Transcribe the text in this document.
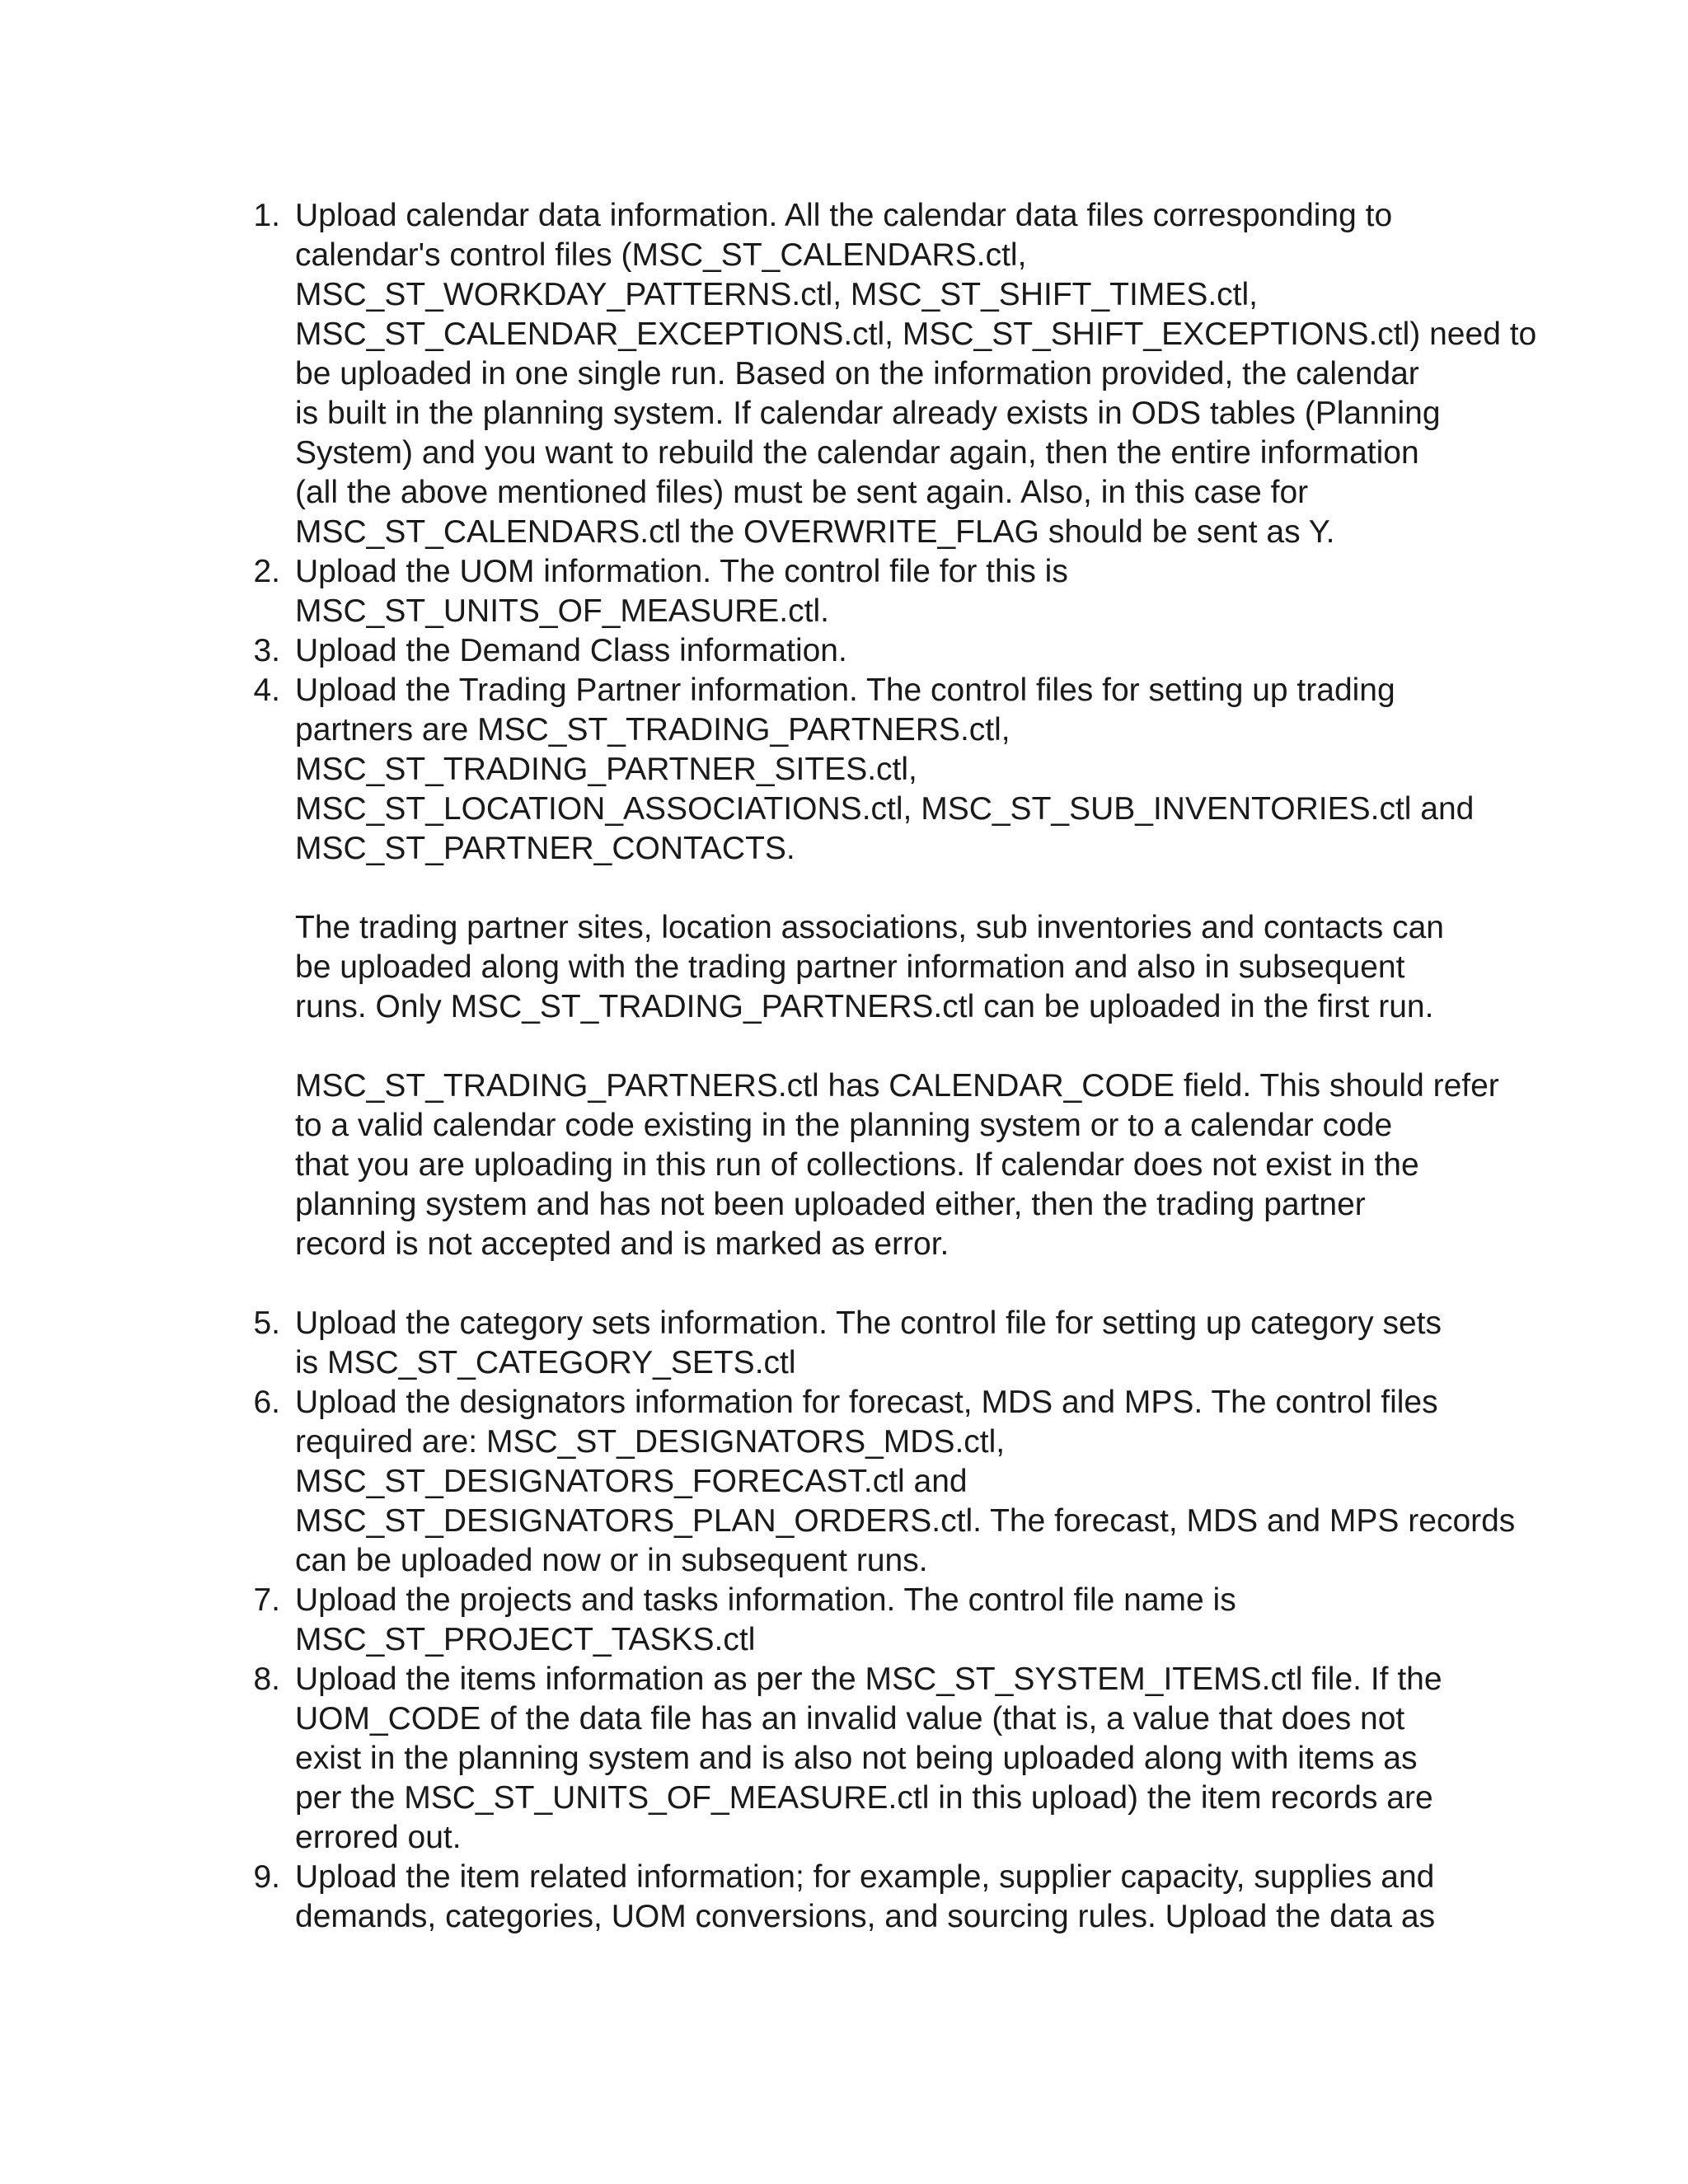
1. Upload calendar data information. All the calendar data files corresponding to
calendar's control files (MSC_ST_CALENDARS.ctl,
MSC_ST_WORKDAY_PATTERNS.ctl, MSC_ST_SHIFT_TIMES.ctl,
MSC_ST_CALENDAR_EXCEPTIONS.ctl, MSC_ST_SHIFT_EXCEPTIONS.ctl) need to
be uploaded in one single run. Based on the information provided, the calendar
is built in the planning system. If calendar already exists in ODS tables (Planning
System) and you want to rebuild the calendar again, then the entire information
(all the above mentioned files) must be sent again. Also, in this case for
MSC_ST_CALENDARS.ctl the OVERWRITE_FLAG should be sent as Y.
2. Upload the UOM information. The control file for this is
MSC_ST_UNITS_OF_MEASURE.ctl.
3. Upload the Demand Class information.
4. Upload the Trading Partner information. The control files for setting up trading
partners are MSC_ST_TRADING_PARTNERS.ctl,
MSC_ST_TRADING_PARTNER_SITES.ctl,
MSC_ST_LOCATION_ASSOCIATIONS.ctl, MSC_ST_SUB_INVENTORIES.ctl and
MSC_ST_PARTNER_CONTACTS.
The trading partner sites, location associations, sub inventories and contacts can
be uploaded along with the trading partner information and also in subsequent
runs. Only MSC_ST_TRADING_PARTNERS.ctl can be uploaded in the first run.
MSC_ST_TRADING_PARTNERS.ctl has CALENDAR_CODE field. This should refer
to a valid calendar code existing in the planning system or to a calendar code
that you are uploading in this run of collections. If calendar does not exist in the
planning system and has not been uploaded either, then the trading partner
record is not accepted and is marked as error.
5. Upload the category sets information. The control file for setting up category sets
is MSC_ST_CATEGORY_SETS.ctl
6. Upload the designators information for forecast, MDS and MPS. The control files
required are: MSC_ST_DESIGNATORS_MDS.ctl,
MSC_ST_DESIGNATORS_FORECAST.ctl and
MSC_ST_DESIGNATORS_PLAN_ORDERS.ctl. The forecast, MDS and MPS records
can be uploaded now or in subsequent runs.
7. Upload the projects and tasks information. The control file name is
MSC_ST_PROJECT_TASKS.ctl
8. Upload the items information as per the MSC_ST_SYSTEM_ITEMS.ctl file. If the
UOM_CODE of the data file has an invalid value (that is, a value that does not
exist in the planning system and is also not being uploaded along with items as
per the MSC_ST_UNITS_OF_MEASURE.ctl in this upload) the item records are
errored out.
9. Upload the item related information; for example, supplier capacity, supplies and
demands, categories, UOM conversions, and sourcing rules. Upload the data as
